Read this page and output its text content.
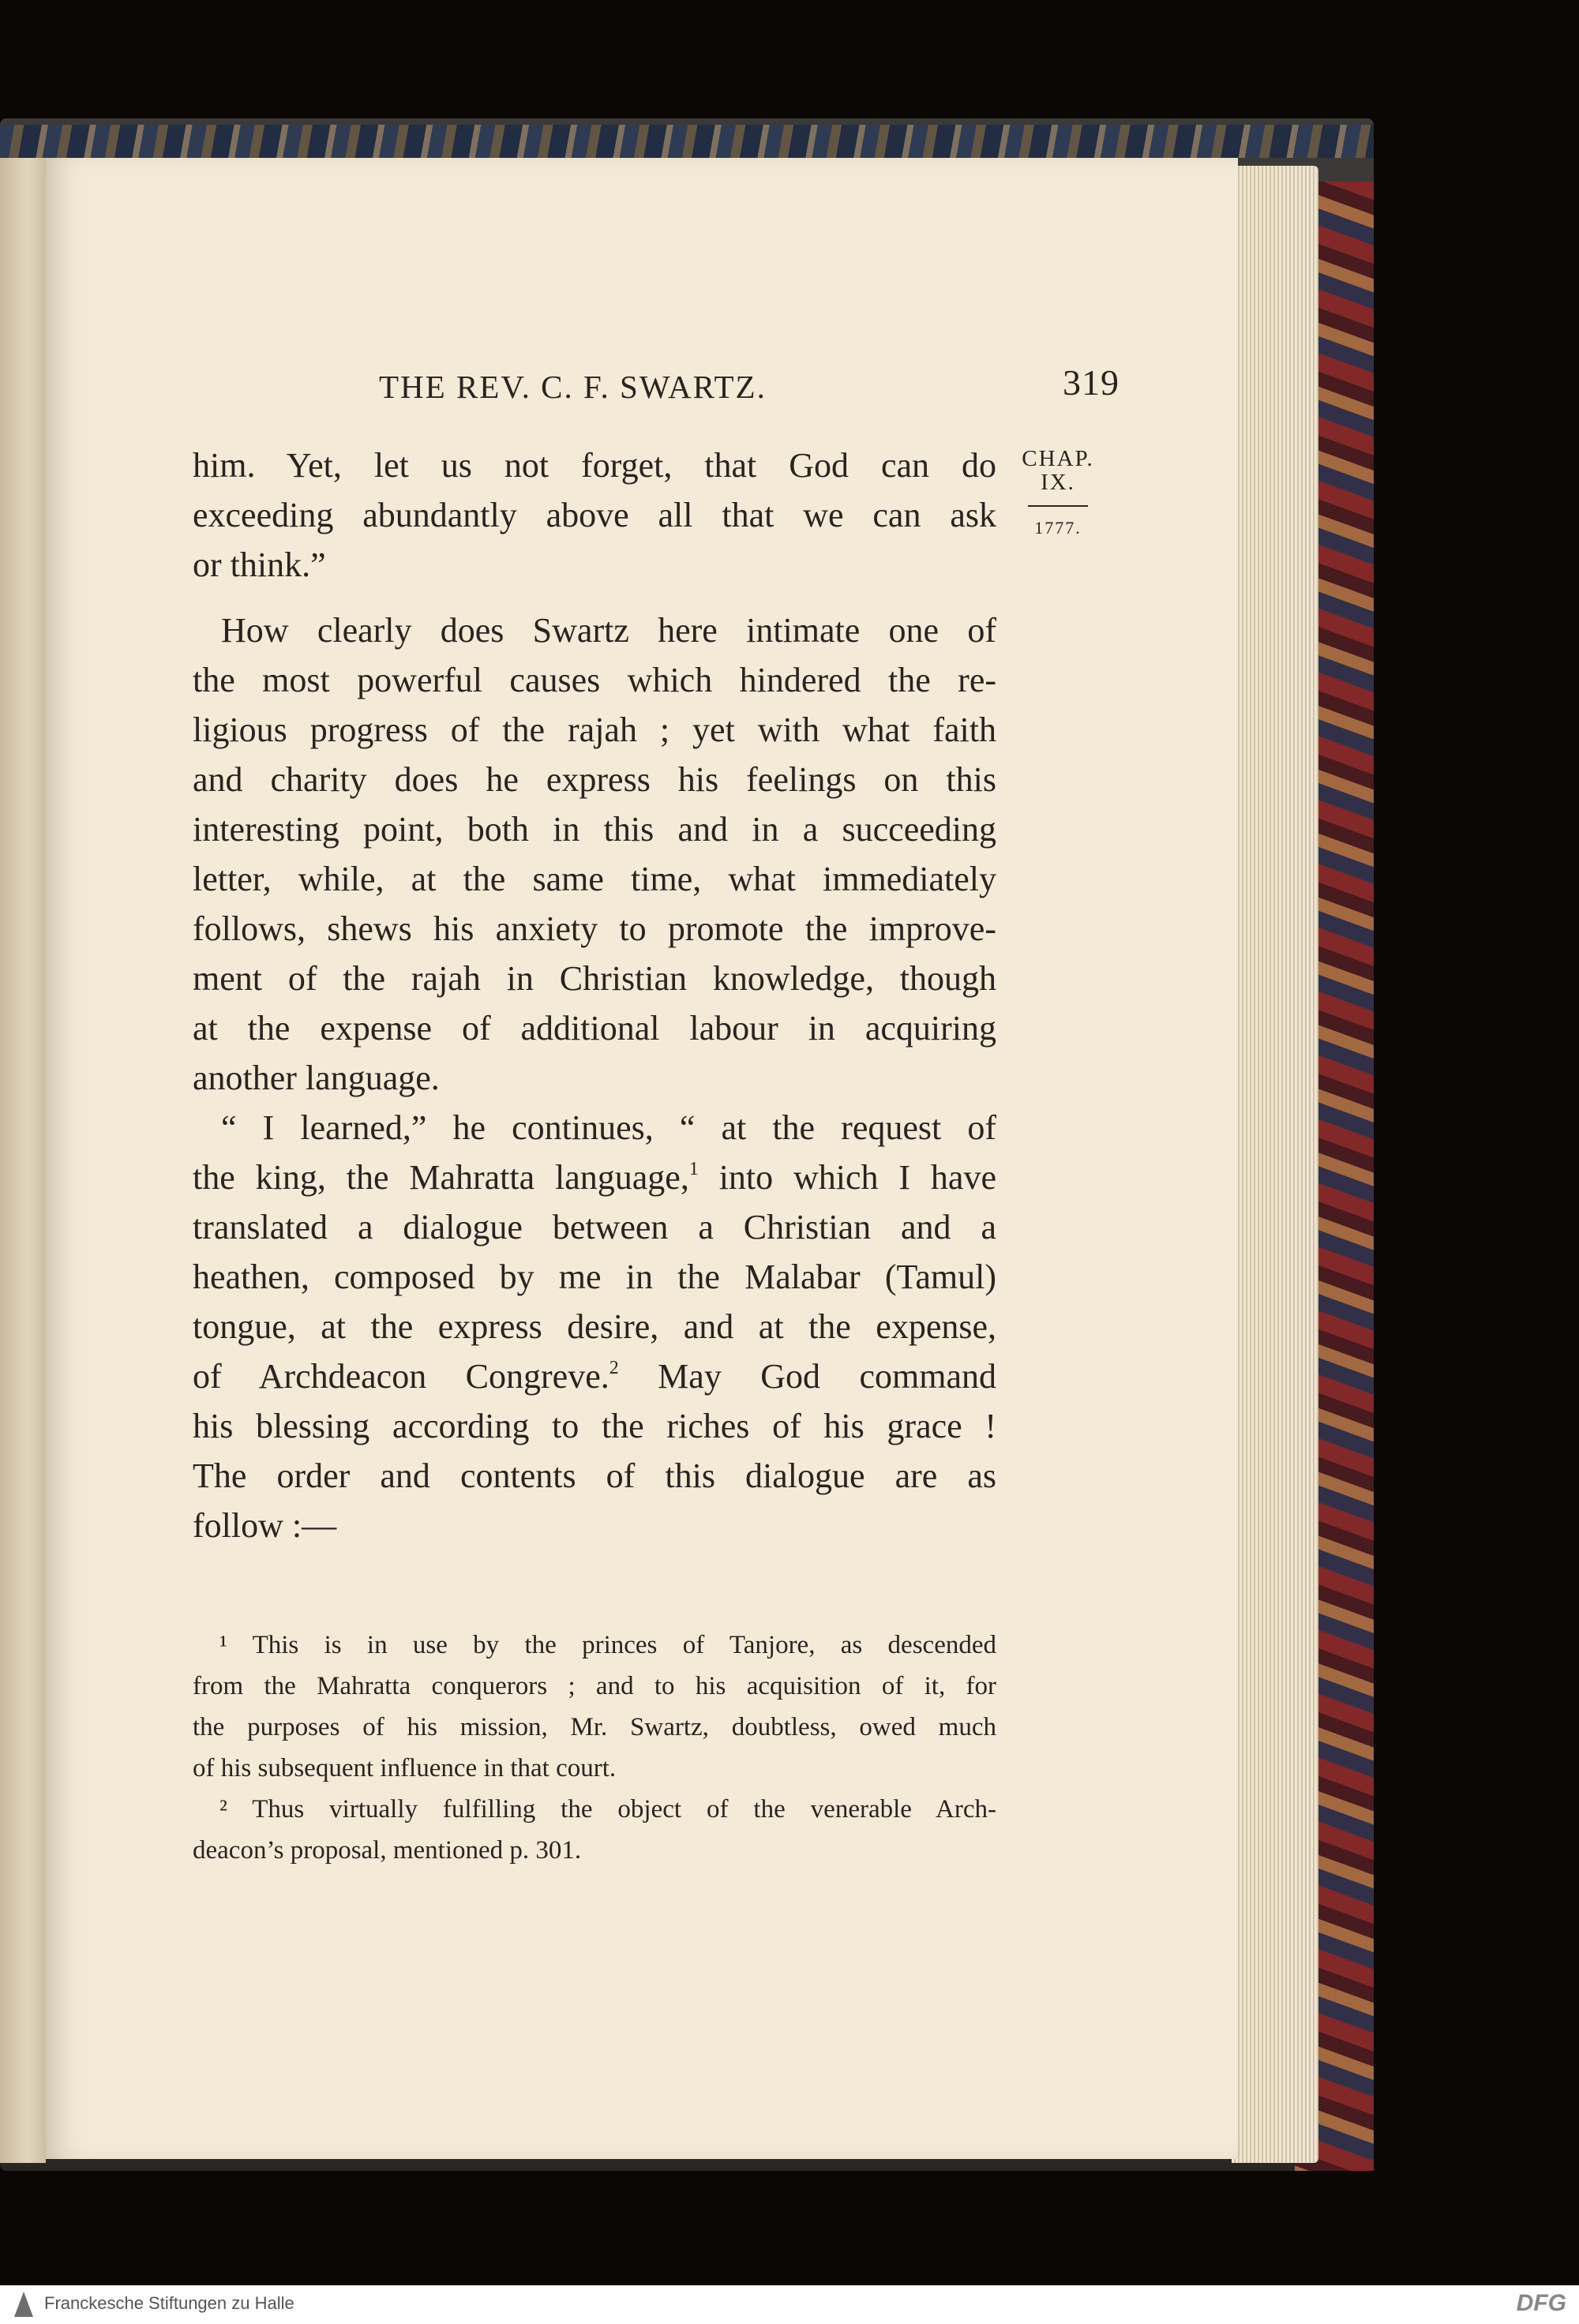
THE REV. C. F. SWARTZ.	319
CHAP.
IX.
1777.
him. Yet, let us not forget, that God can do
exceeding abundantly above all that we can ask
or think.”
How clearly does Swartz here intimate one of
the most powerful causes which hindered the re-
ligious progress of the rajah ; yet with what faith
and charity does he express his feelings on this
interesting point, both in this and in a succeeding
letter, while, at the same time, what immediately
follows, shews his anxiety to promote the improve-
ment of the rajah in Christian knowledge, though
at the expense of additional labour in acquiring
another language.
“ I learned,” he continues, “ at the request of
the king, the Mahratta language,$^1$ into which I have
translated a dialogue between a Christian and a
heathen, composed by me in the Malabar (Tamul)
tongue, at the express desire, and at the expense,
of Archdeacon Congreve.$^2$ May God command
his blessing according to the riches of his grace !
The order and contents of this dialogue are as
follow :—
¹ This is in use by the princes of Tanjore, as descended
from the Mahratta conquerors ; and to his acquisition of it, for
the purposes of his mission, Mr. Swartz, doubtless, owed much
of his subsequent influence in that court.
² Thus virtually fulfilling the object of the venerable Arch-
deacon’s proposal, mentioned p. 301.
Franckesche Stiftungen zu Halle	DFG
